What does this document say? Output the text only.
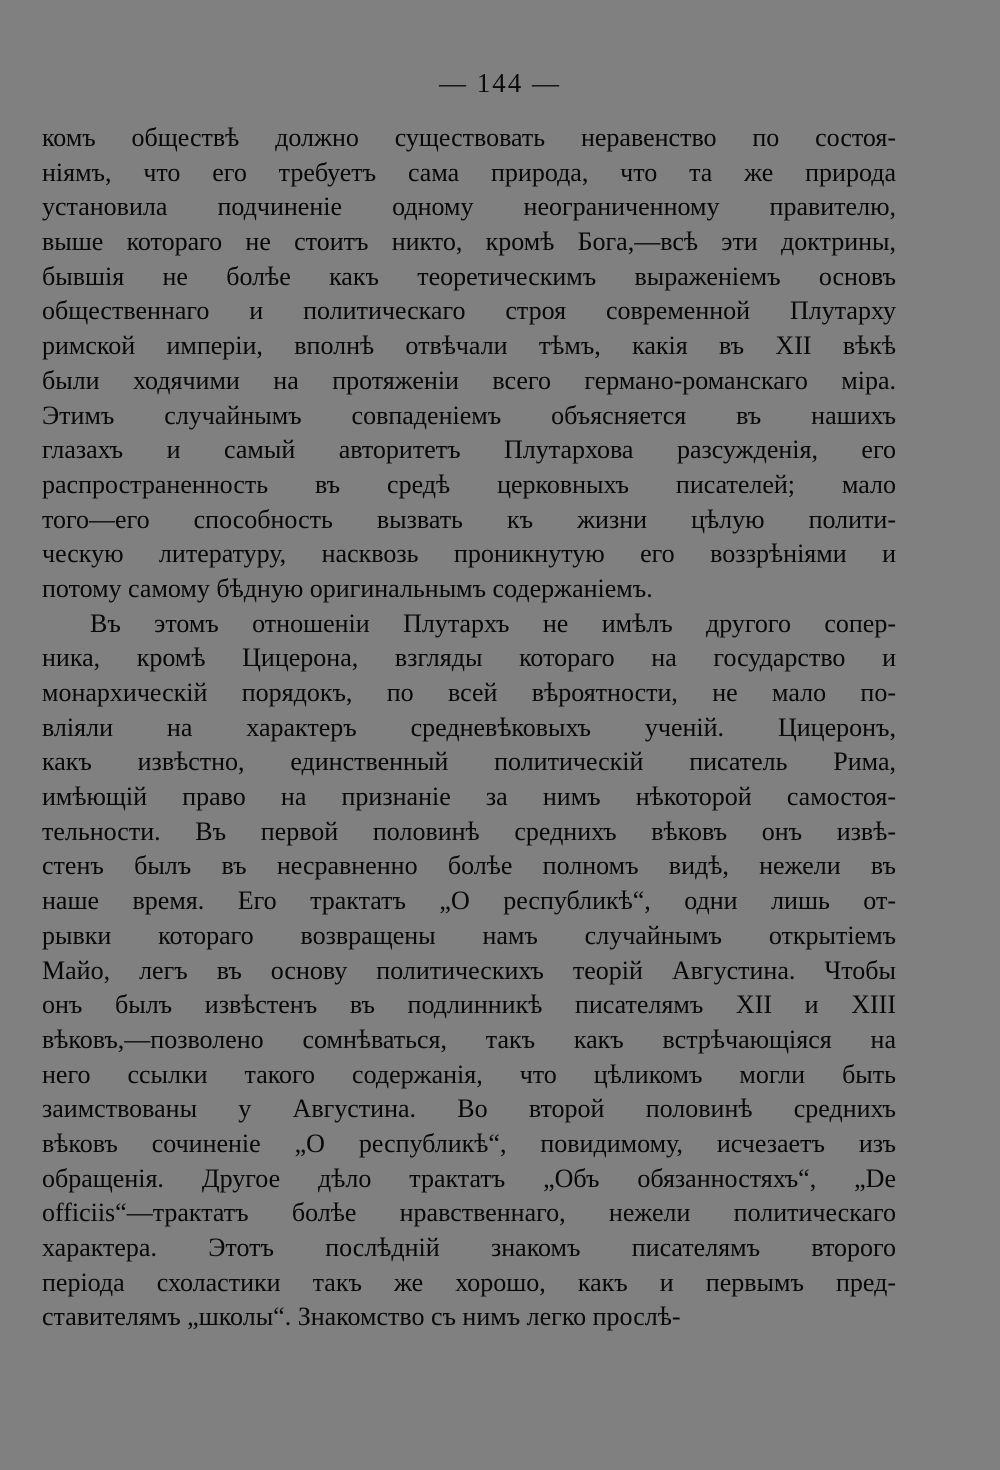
— 144 —
комъ обществѣ должно существовать неравенство по состоя-
ніямъ, что его требуетъ сама природа, что та же природа
установила подчиненіе одному неограниченному правителю,
выше котораго не стоитъ никто, кромѣ Бога,—всѣ эти доктрины,
бывшія не болѣе какъ теоретическимъ выраженіемъ основъ
общественнаго и политическаго строя современной Плутарху
римской имперіи, вполнѣ отвѣчали тѣмъ, какія въ XII вѣкѣ
были ходячими на протяженіи всего германо-романскаго міра.
Этимъ случайнымъ совпаденіемъ объясняется въ нашихъ
глазахъ и самый авторитетъ Плутархова разсужденія, его
распространенность въ средѣ церковныхъ писателей; мало
того—его способность вызвать къ жизни цѣлую полити-
ческую литературу, насквозь проникнутую его воззрѣніями и
потому самому бѣдную оригинальнымъ содержаніемъ.
Въ этомъ отношеніи Плутархъ не имѣлъ другого сопер-
ника, кромѣ Цицерона, взгляды котораго на государство и
монархическій порядокъ, по всей вѣроятности, не мало по-
вліяли на характеръ средневѣковыхъ ученій. Цицеронъ,
какъ извѣстно, единственный политическій писатель Рима,
имѣющій право на признаніе за нимъ нѣкоторой самостоя-
тельности. Въ первой половинѣ среднихъ вѣковъ онъ извѣ-
стенъ былъ въ несравненно болѣе полномъ видѣ, нежели въ
наше время. Его трактатъ „О республикѣ“, одни лишь от-
рывки котораго возвращены намъ случайнымъ открытіемъ
Майо, легъ въ основу политическихъ теорій Августина. Чтобы
онъ былъ извѣстенъ въ подлинникѣ писателямъ XII и XIII
вѣковъ,—позволено сомнѣваться, такъ какъ встрѣчающіяся на
него ссылки такого содержанія, что цѣликомъ могли быть
заимствованы у Августина. Во второй половинѣ среднихъ
вѣковъ сочиненіе „О республикѣ“, повидимому, исчезаетъ изъ
обращенія. Другое дѣло трактатъ „Объ обязанностяхъ“, „De
officiis“—трактатъ болѣе нравственнаго, нежели политическаго
характера. Этотъ послѣдній знакомъ писателямъ второго
періода схоластики такъ же хорошо, какъ и первымъ пред-
ставителямъ „школы“. Знакомство съ нимъ легко прослѣ-
